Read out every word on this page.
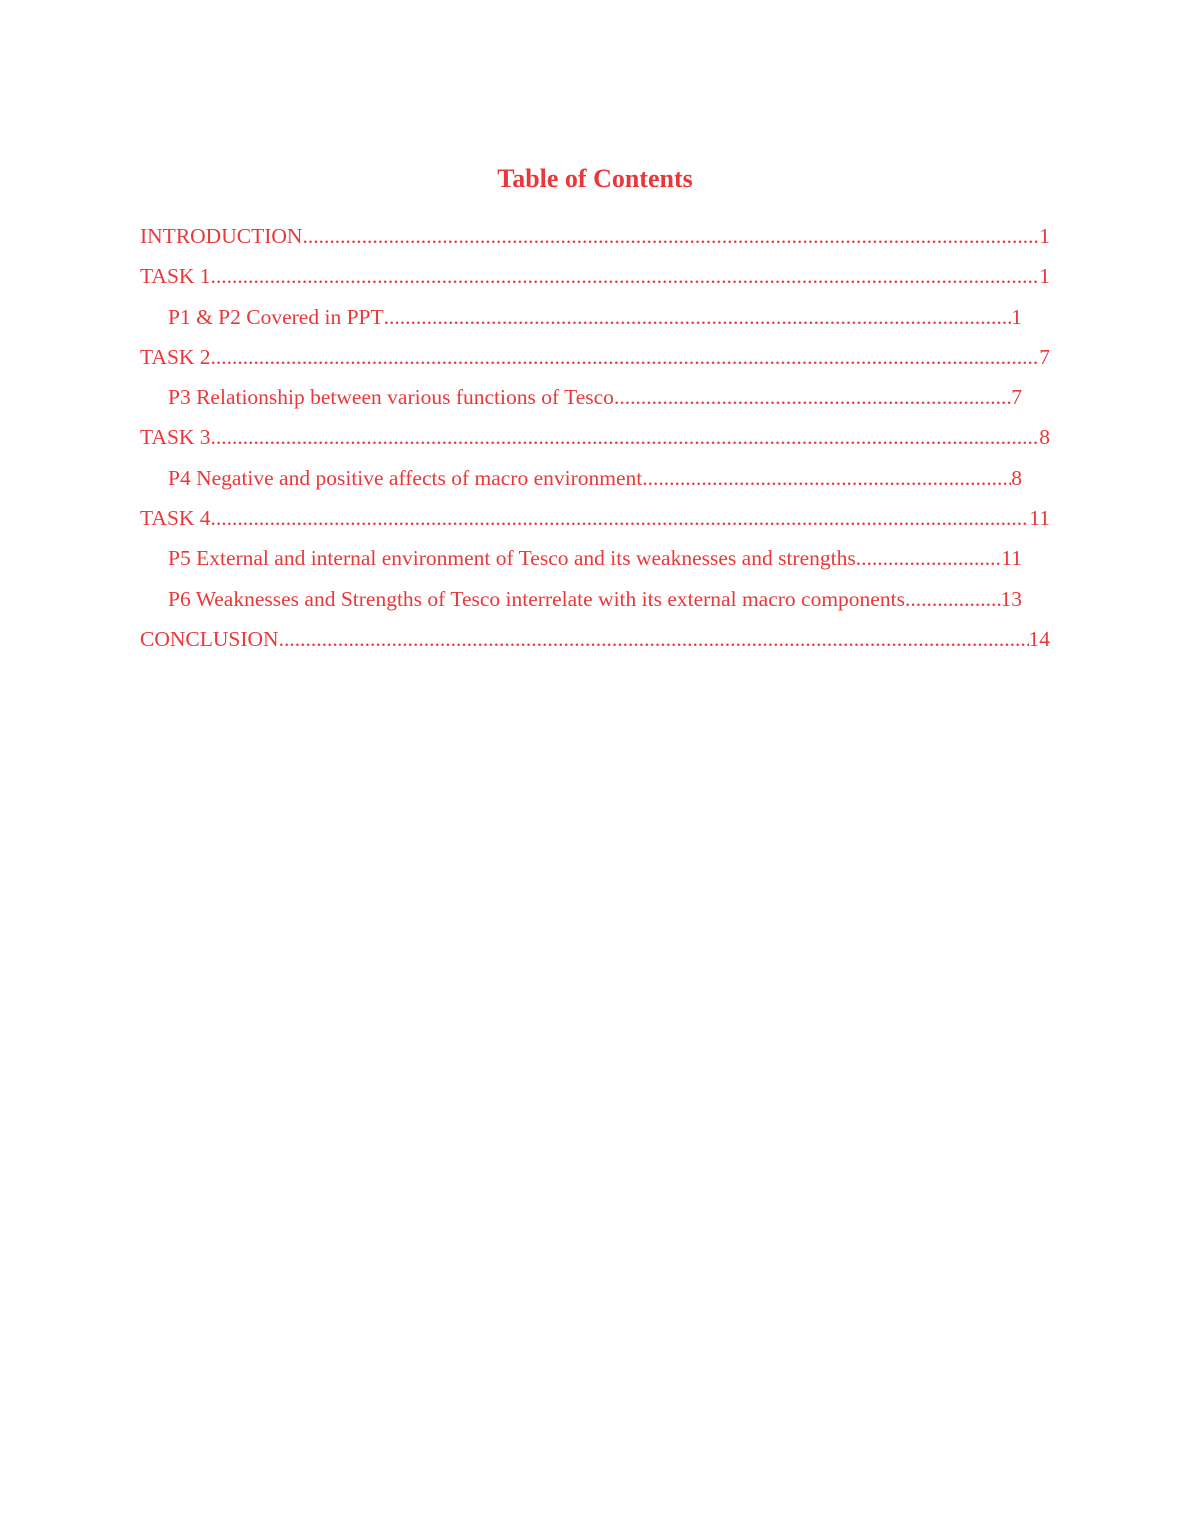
Table of Contents
INTRODUCTION .....	1
TASK 1 .....	1
P1 & P2 Covered in PPT .....	1
TASK 2 .....	7
P3 Relationship between various functions of Tesco .....	7
TASK 3 .....	8
P4 Negative and positive affects of macro environment .....	8
TASK 4 .....	11
P5 External and internal environment of Tesco and its weaknesses and strengths .....	11
P6 Weaknesses and Strengths of Tesco interrelate with its external macro components .....	13
CONCLUSION .....	14
